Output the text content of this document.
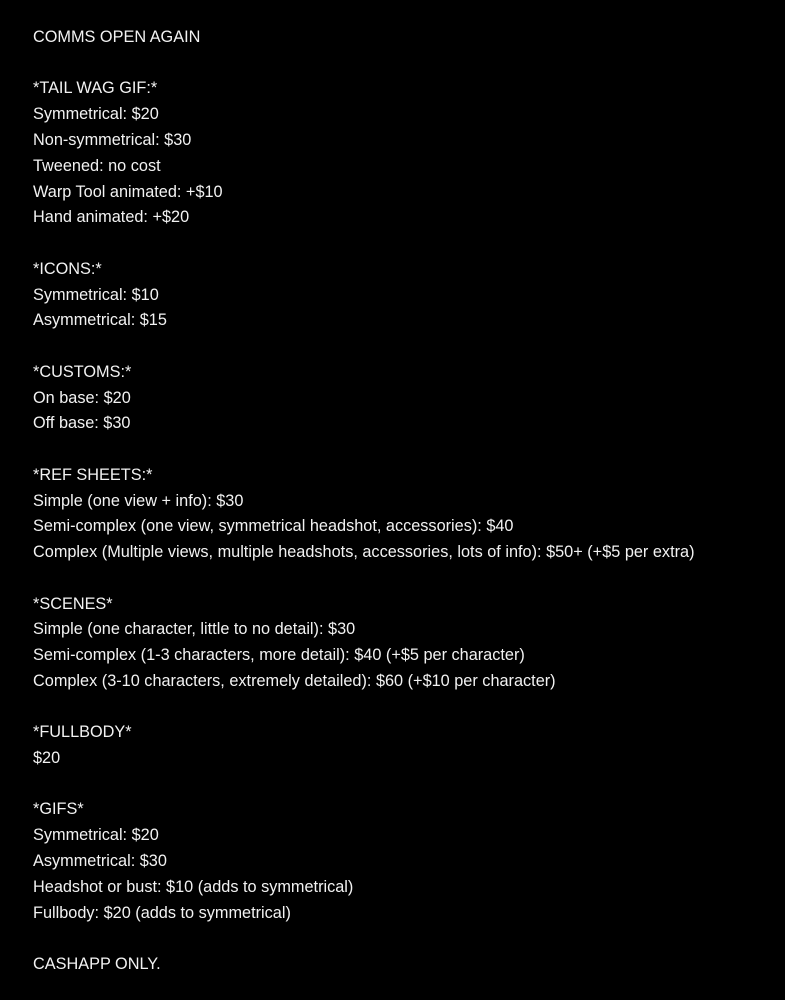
COMMS OPEN AGAIN
*TAIL WAG GIF:*
Symmetrical: $20
Non-symmetrical: $30
Tweened: no cost
Warp Tool animated: +$10
Hand animated: +$20
*ICONS:*
Symmetrical: $10
Asymmetrical: $15
*CUSTOMS:*
On base: $20
Off base: $30
*REF SHEETS:*
Simple (one view + info): $30
Semi-complex (one view, symmetrical headshot, accessories): $40
Complex (Multiple views, multiple headshots, accessories, lots of info): $50+ (+$5 per extra)
*SCENES*
Simple (one character, little to no detail): $30
Semi-complex (1-3 characters, more detail): $40 (+$5 per character)
Complex (3-10 characters, extremely detailed): $60 (+$10 per character)
*FULLBODY*
$20
*GIFS*
Symmetrical: $20
Asymmetrical: $30
Headshot or bust: $10 (adds to symmetrical)
Fullbody: $20 (adds to symmetrical)
CASHAPP ONLY.
